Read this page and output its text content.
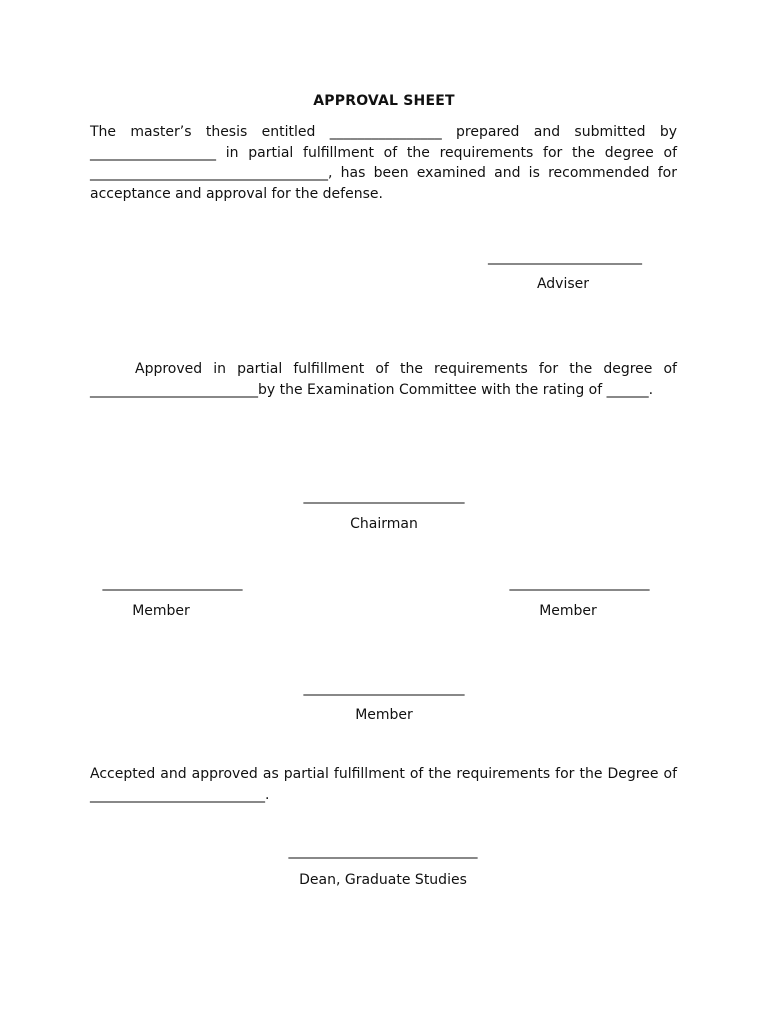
APPROVAL SHEET
The master’s thesis entitled ________________ prepared and submitted by __________________ in partial fulfillment of the requirements for the degree of __________________________________, has been examined and is recommended for acceptance and approval for the defense.
______________________
Adviser
Approved in partial fulfillment of the requirements for the degree of ________________________by the Examination Committee with the rating of ______.
_______________________
Chairman
____________________
Member
____________________
Member
_______________________
Member
Accepted and approved as partial fulfillment of the requirements for the Degree of _________________________.
___________________________
Dean, Graduate Studies
